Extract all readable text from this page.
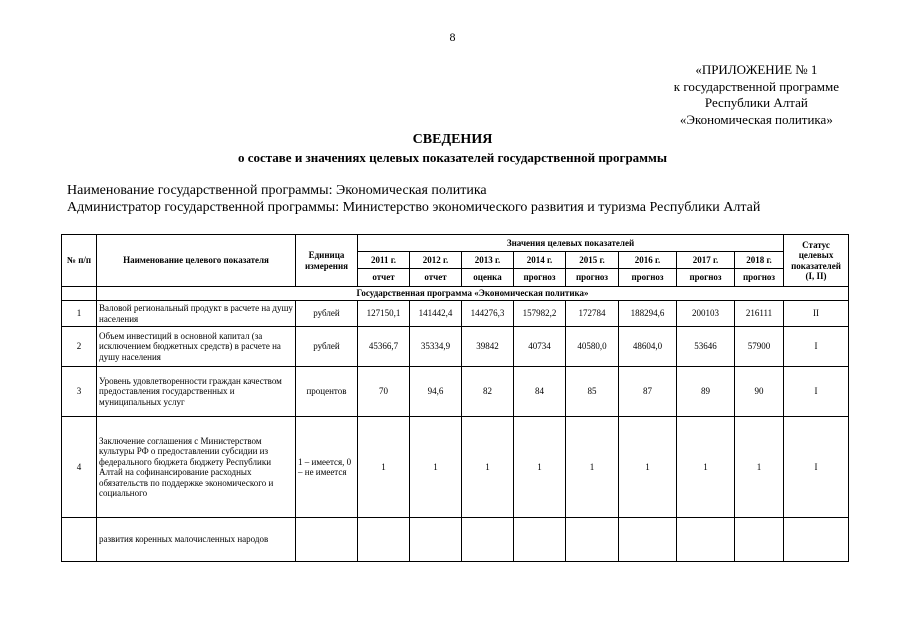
8
«ПРИЛОЖЕНИЕ № 1
к государственной программе
Республики Алтай
«Экономическая политика»
СВЕДЕНИЯ
о составе и значениях целевых показателей государственной программы
Наименование государственной программы: Экономическая политика
Администратор государственной программы: Министерство экономического развития и туризма Республики Алтай
№ п/п	Наименование целевого показателя	Единица измерения	Значения целевых показателей								Статус целевых показателей (I, II)
			2011 г.	2012 г.	2013 г.	2014 г.	2015 г.	2016 г.	2017 г.	2018 г.	
			отчет	отчет	оценка	прогноз	прогноз	прогноз	прогноз	прогноз	
	Государственная программа «Экономическая политика»										
1	Валовой региональный продукт в расчете на душу населения	рублей	127150,1	141442,4	144276,3	157982,2	172784	188294,6	200103	216111	II
2	Объем инвестиций в основной капитал (за исключением бюджетных средств) в расчете на душу населения	рублей	45366,7	35334,9	39842	40734	40580,0	48604,0	53646	57900	I
3	Уровень удовлетворенности граждан качеством предоставления государственных и муниципальных услуг	процентов	70	94,6	82	84	85	87	89	90	I
4	Заключение соглашения с Министерством культуры РФ о предоставлении субсидии из федерального бюджета бюджету Республики Алтай на софинансирование расходных обязательств по поддержке экономического и социального	1 – имеется, 0 – не имеется	1	1	1	1	1	1	1	1	I
	развития коренных малочисленных народов										
